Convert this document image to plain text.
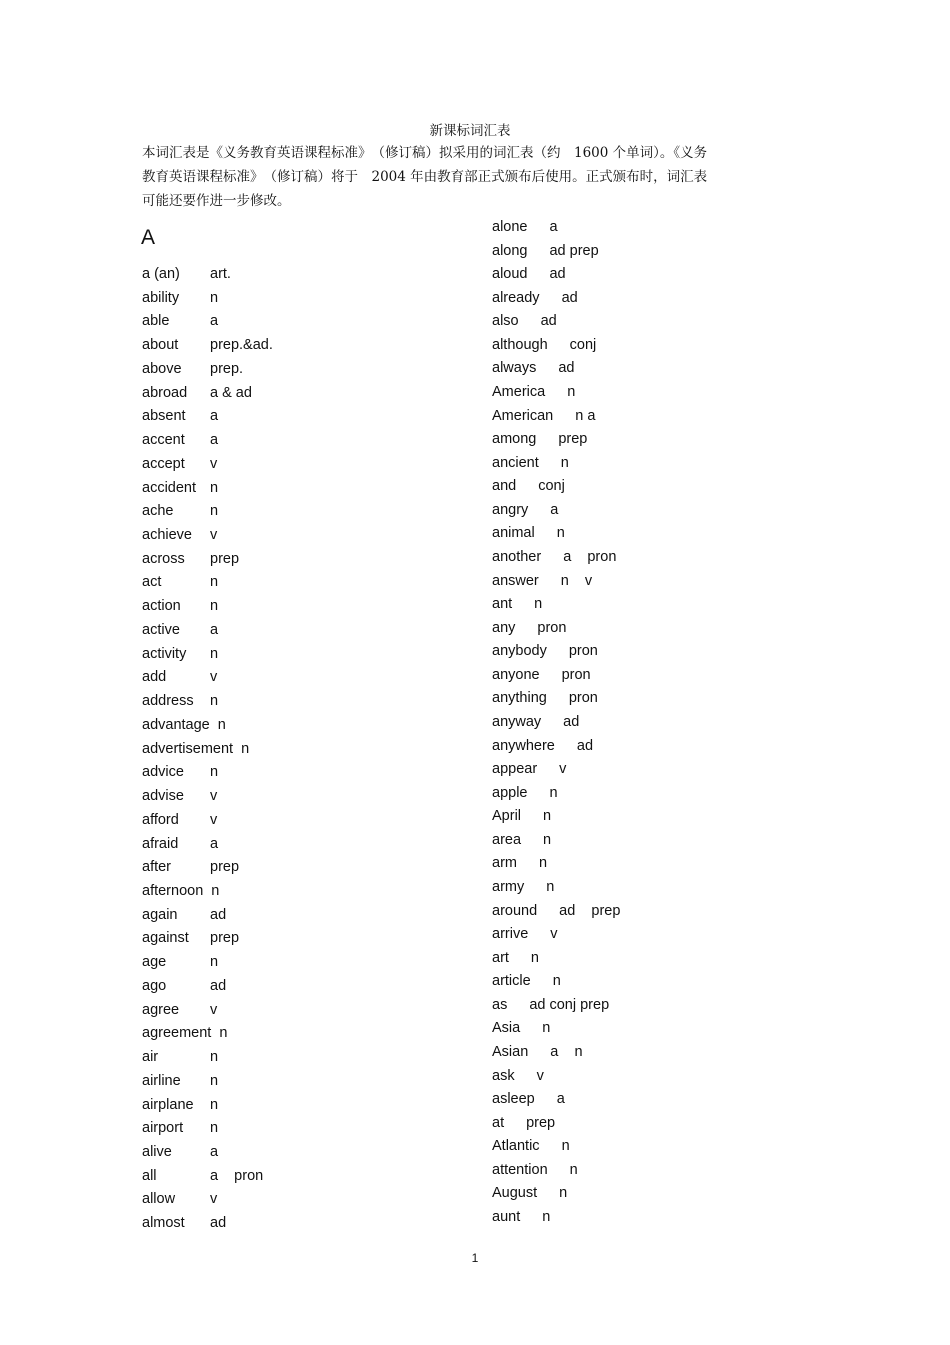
新课标词汇表
本词汇表是《义务教育英语课程标准》　（修订稿）拟采用的词汇表（约　1600 个单词）。《义务
教育英语课程标准》　（修订稿）将于　2004 年由教育部正式颁布后使用。正式颁布时，词汇表
可能还要作进一步修改。
A
a (an) art.
ability n
able	a
about prep.&ad.
above prep.
abroad a & ad
absent a
accent a
accept v
accident n
ache	n
achieve v
across prep
act	n
action n
active a
activity n
add	v
address n
advantage n
advertisement n
advice n
advise v
afford v
afraid a
after	prep
afternoon n
again ad
against prep
age	n
ago	ad
agree v
agreement n
air	n
airline n
airplane n
airport n
alive	a
all	a    pron
allow v
almost ad
alone a
along ad prep
aloud ad
already ad
also ad
although conj
always ad
America n
American n a
among prep
ancient n
and conj
angry a
animal n
another a    pron
answer n    v
ant n
any pron
anybody pron
anyone pron
anything pron
anyway ad
anywhere ad
appear v
apple n
April n
area n
arm n
army n
around ad    prep
arrive v
art n
article n
as ad conj prep
Asia n
Asian a    n
ask v
asleep a
at prep
Atlantic n
attention n
August n
aunt n
1
